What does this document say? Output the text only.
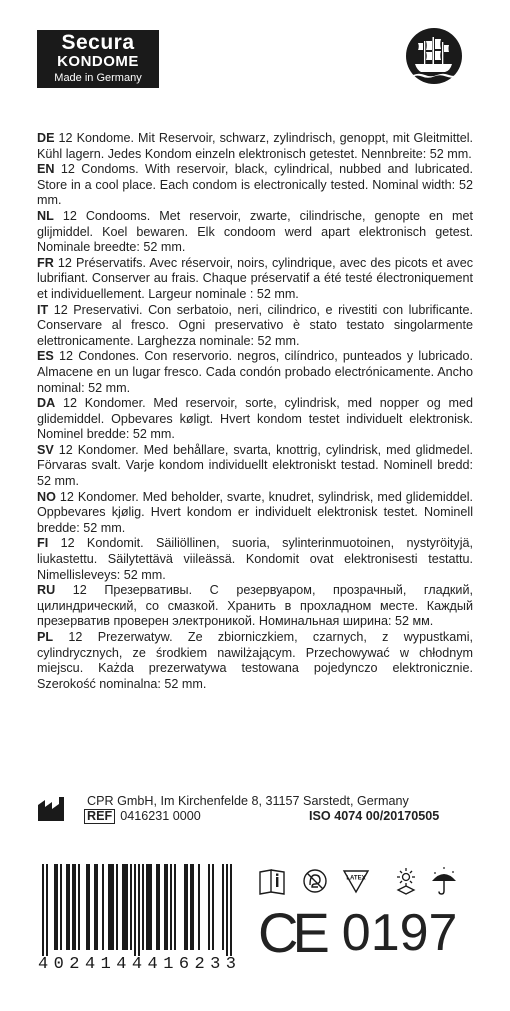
Secura
KONDOME
Made in Germany

DE 12 Kondome. Mit Reservoir, schwarz, zylindrisch, genoppt, mit Gleitmittel. Kühl lagern. Jedes Kondom einzeln elektronisch getestet. Nennbreite: 52 mm.

EN 12 Condoms. With reservoir, black, cylindrical, nubbed and lubricated. Store in a cool place. Each condom is electronically tested. Nominal width: 52 mm.

NL 12 Condooms. Met reservoir, zwarte, cilindrische, genopte en met glijmiddel. Koel bewaren. Elk condoom werd apart elektronisch getest. Nominale breedte: 52 mm.

FR 12 Préservatifs. Avec réservoir, noirs, cylindrique, avec des picots et avec lubrifiant. Conserver au frais. Chaque préservatif a été testé électroniquement et individuellement. Largeur nominale : 52 mm.

IT 12 Preservativi. Con serbatoio, neri, cilindrico, e rivestiti con lubrificante. Conservare al fresco. Ogni preservativo è stato testato singolarmente elettronicamente. Larghezza nominale: 52 mm.

ES 12 Condones. Con reservorio. negros, cilíndrico, punteados y lubricado. Almacene en un lugar fresco. Cada condón probado electrónicamente. Ancho nominal: 52 mm.

DA 12 Kondomer. Med reservoir, sorte, cylindrisk, med nopper og med glidemiddel. Opbevares køligt. Hvert kondom testet individuelt elektronisk. Nominel bredde: 52 mm.

SV 12 Kondomer. Med behållare, svarta, knottrig, cylindrisk, med glidmedel. Förvaras svalt. Varje kondom individuellt elektroniskt testad. Nominell bredd: 52 mm.

NO 12 Kondomer. Med beholder, svarte, knudret, sylindrisk, med glidemiddel. Oppbevares kjølig. Hvert kondom er individuelt elektronisk testet. Nominell bredde: 52 mm.

FI 12 Kondomit. Säiliöllinen, suoria, sylinterinmuotoinen, nystyröityjä, liukastettu. Säilytettävä viileässä. Kondomit ovat elektronisesti testattu. Nimellisleveys: 52 mm.

RU 12 Презервативы. С резервуаром, прозрачный, гладкий, цилиндрический, со смазкой. Хранить в прохладном месте. Каждый презерватив проверен электроникой. Номинальная ширина: 52 мм.

PL 12 Prezerwatyw. Ze zbiorniczkiem, czarnych, z wypustkami, cylindrycznych, ze środkiem nawilżającym. Przechowywać w chłodnym miejscu. Każda prezerwatywa testowana pojedynczo elektronicznie. Szerokość nominalna: 52 mm.

CPR GmbH, Im Kirchenfelde 8, 31157 Sarstedt, Germany
REF 0416231 0000	ISO 4074 00/20170505
4024144416233
LATEX
CE 0197
